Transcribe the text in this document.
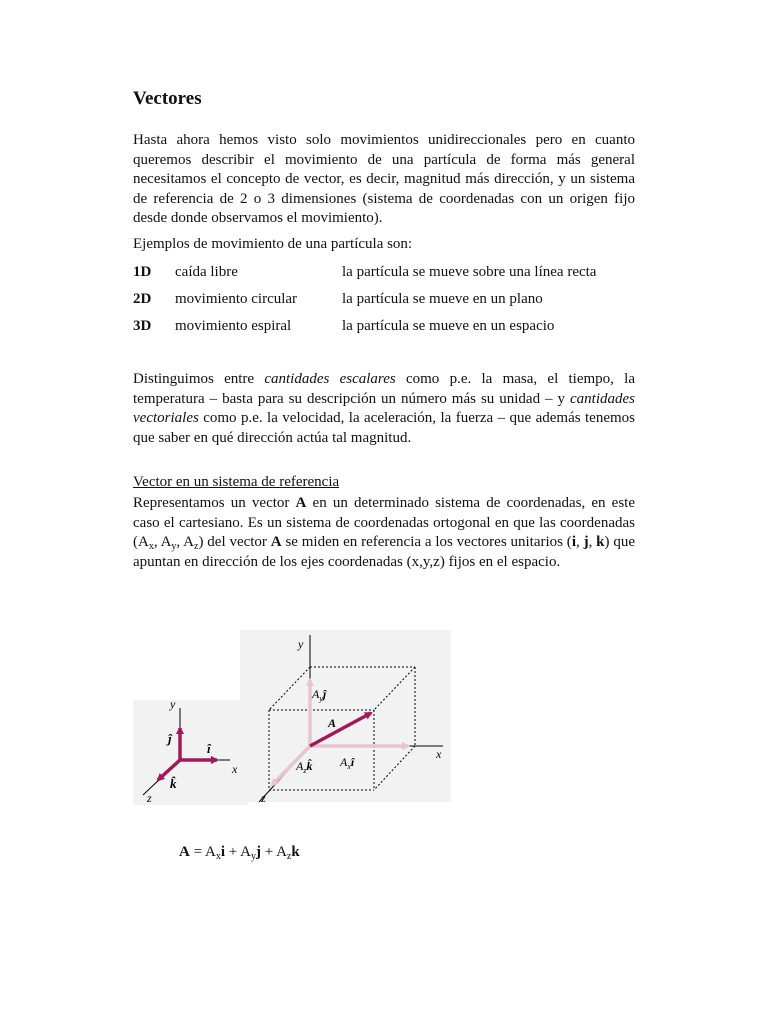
Vectores

Hasta ahora hemos visto solo movimientos unidireccionales pero en cuanto queremos describir el movimiento de una partícula de forma más general necesitamos el concepto de vector, es decir, magnitud más dirección, y un sistema de referencia de 2 o 3 dimensiones (sistema de coordenadas con un origen fijo desde donde observamos el movimiento).

Ejemplos de movimiento de una partícula son:

1D caída libre	la partícula se mueve sobre una línea recta
2D movimiento circular	la partícula se mueve en un plano
3D movimiento espiral	la partícula se mueve en un espacio

Distinguimos entre cantidades escalares como p.e. la masa, el tiempo, la temperatura – basta para su descripción un número más su unidad – y cantidades vectoriales como p.e. la velocidad, la aceleración, la fuerza – que además tenemos que saber en qué dirección actúa tal magnitud.

Vector en un sistema de referencia

Representamos un vector A en un determinado sistema de coordenadas, en este caso el cartesiano. Es un sistema de coordenadas ortogonal en que las coordenadas ($A_x$, $A_y$, $A_z$) del vector A se miden en referencia a los vectores unitarios (i, j, k) que apuntan en dirección de los ejes coordenadas (x,y,z) fijos en el espacio.

y
x
z
î
ĵ
k̂
y
x
z
$A_yĵ$
A
$A_xî$
$A_zk̂$
$A = A_xi + A_yj + A_zk$
